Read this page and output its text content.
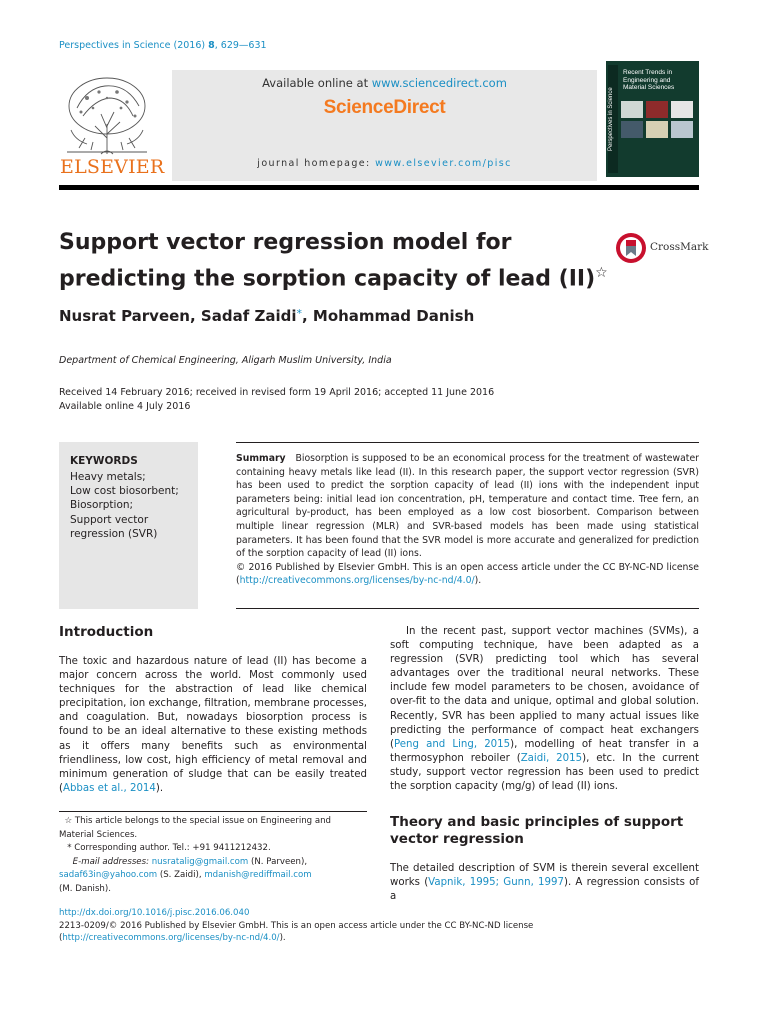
Perspectives in Science (2016) 8, 629—631
ELSEVIER
Available online at www.sciencedirect.com
ScienceDirect
journal homepage: www.elsevier.com/pisc
Recent Trends in Engineering and Material Sciences
Perspectives in Science
Support vector regression model for predicting the sorption capacity of lead (II)☆
CrossMark
Nusrat Parveen, Sadaf Zaidi*, Mohammad Danish
Department of Chemical Engineering, Aligarh Muslim University, India
Received 14 February 2016; received in revised form 19 April 2016; accepted 11 June 2016
Available online 4 July 2016
KEYWORDS
Heavy metals;
Low cost biosorbent;
Biosorption;
Support vector regression (SVR)
Summary Biosorption is supposed to be an economical process for the treatment of wastewater containing heavy metals like lead (II). In this research paper, the support vector regression (SVR) has been used to predict the sorption capacity of lead (II) ions with the independent input parameters being: initial lead ion concentration, pH, temperature and contact time. Tree fern, an agricultural by-product, has been employed as a low cost biosorbent. Comparison between multiple linear regression (MLR) and SVR-based models has been made using statistical parameters. It has been found that the SVR model is more accurate and generalized for prediction of the sorption capacity of lead (II) ions.
© 2016 Published by Elsevier GmbH. This is an open access article under the CC BY-NC-ND license (http://creativecommons.org/licenses/by-nc-nd/4.0/).
Introduction
The toxic and hazardous nature of lead (II) has become a major concern across the world. Most commonly used techniques for the abstraction of lead like chemical precipitation, ion exchange, filtration, membrane processes, and coagulation. But, nowadays biosorption process is found to be an ideal alternative to these existing methods as it offers many benefits such as environmental friendliness, low cost, high efficiency of metal removal and minimum generation of sludge that can be easily treated (Abbas et al., 2014).
☆ This article belongs to the special issue on Engineering and Material Sciences.
* Corresponding author. Tel.: +91 9411212432.
E-mail addresses: nusratalig@gmail.com (N. Parveen),
sadaf63in@yahoo.com (S. Zaidi), mdanish@rediffmail.com
(M. Danish).
In the recent past, support vector machines (SVMs), a soft computing technique, have been adapted as a regression (SVR) predicting tool which has several advantages over the traditional neural networks. These include few model parameters to be chosen, avoidance of over-fit to the data and unique, optimal and global solution. Recently, SVR has been applied to many actual issues like predicting the performance of compact heat exchangers (Peng and Ling, 2015), modelling of heat transfer in a thermosyphon reboiler (Zaidi, 2015), etc. In the current study, support vector regression has been used to predict the sorption capacity (mg/g) of lead (II) ions.
Theory and basic principles of support vector regression
The detailed description of SVM is therein several excellent works (Vapnik, 1995; Gunn, 1997). A regression consists of a
http://dx.doi.org/10.1016/j.pisc.2016.06.040
2213-0209/© 2016 Published by Elsevier GmbH. This is an open access article under the CC BY-NC-ND license (http://creativecommons.org/licenses/by-nc-nd/4.0/).
